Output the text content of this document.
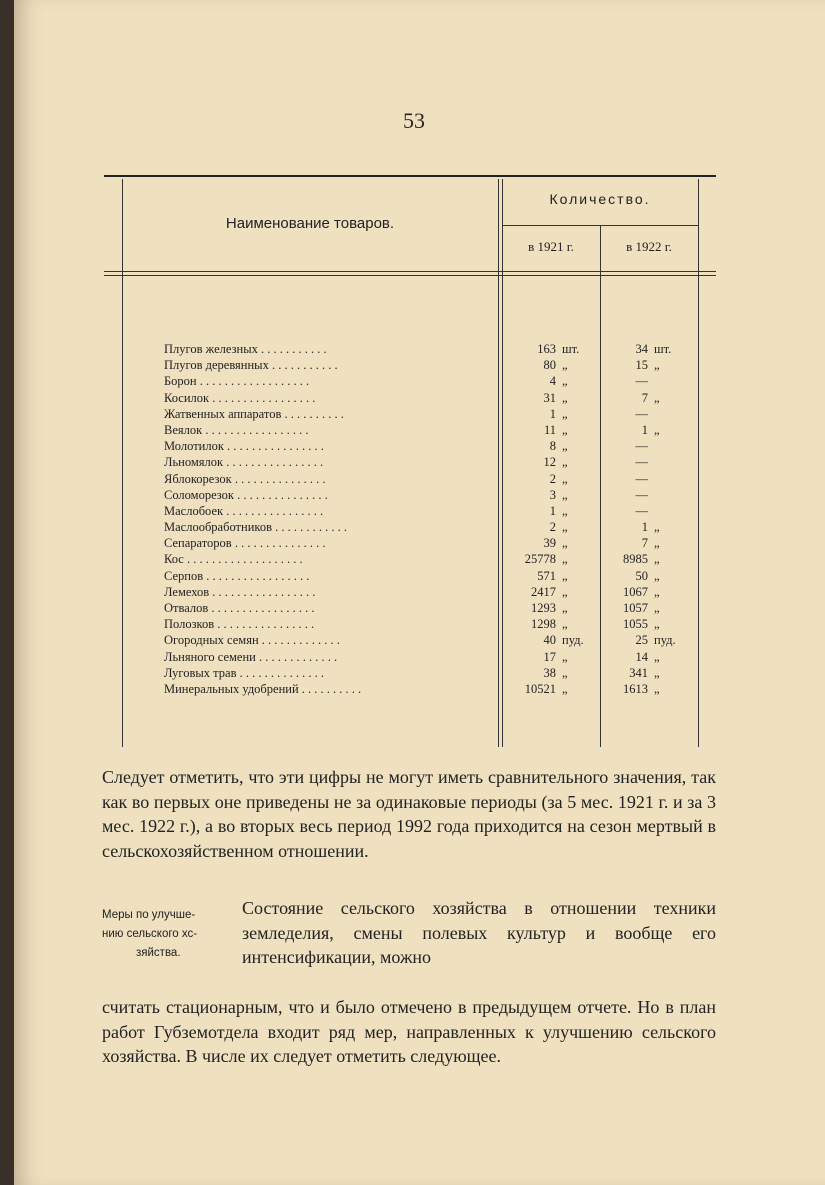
53
Наименование товаров.
Количество.
в 1921 г.	в 1922 г.
Плугов железных . . . . . . . . . . .	163 шт.	34 шт.
Плугов деревянных . . . . . . . . . . .	80 „	15 „
Борон . . . . . . . . . . . . . . . . . .	4 „	—
Косилок . . . . . . . . . . . . . . . . .	31 „	7 „
Жатвенных аппаратов . . . . . . . . . .	1 „	—
Веялок . . . . . . . . . . . . . . . . .	11 „	1 „
Молотилок . . . . . . . . . . . . . . . .	8 „	—
Льномялок . . . . . . . . . . . . . . . .	12 „	—
Яблокорезок . . . . . . . . . . . . . . .	2 „	—
Соломорезок . . . . . . . . . . . . . . .	3 „	—
Маслобоек . . . . . . . . . . . . . . . .	1 „	—
Маслообработников . . . . . . . . . . . .	2 „	1 „
Сепараторов . . . . . . . . . . . . . . .	39 „	7 „
Кос . . . . . . . . . . . . . . . . . . .	25778 „	8985 „
Серпов . . . . . . . . . . . . . . . . .	571 „	50 „
Лемехов . . . . . . . . . . . . . . . . .	2417 „	1067 „
Отвалов . . . . . . . . . . . . . . . . .	1293 „	1057 „
Полозков . . . . . . . . . . . . . . . .	1298 „	1055 „
Огородных семян . . . . . . . . . . . . .	40 пуд.	25 пуд.
Льняного семени . . . . . . . . . . . . .	17 „	14 „
Луговых трав . . . . . . . . . . . . . .	38 „	341 „
Минеральных удобрений . . . . . . . . . .	10521 „	1613 „
Следует отметить, что эти цифры не могут иметь сравнительного значения, так как во первых оне приведены не за одинаковые периоды (за 5 мес. 1921 г. и за 3 мес. 1922 г.), а во вторых весь период 1992 года приходится на сезон мертвый в сельскохозяйственном отношении.
Меры по улучше-
нию сельского хс-
зяйства.
Состояние сельского хозяйства в отношении техники земледелия, смены полевых культур и вообще его интенсификации, можно
считать стационарным, что и было отмечено в предыдущем отчете. Но в план работ Губземотдела входит ряд мер, направленных к улучшению сельского хозяйства. В числе их следует отметить следующее.
